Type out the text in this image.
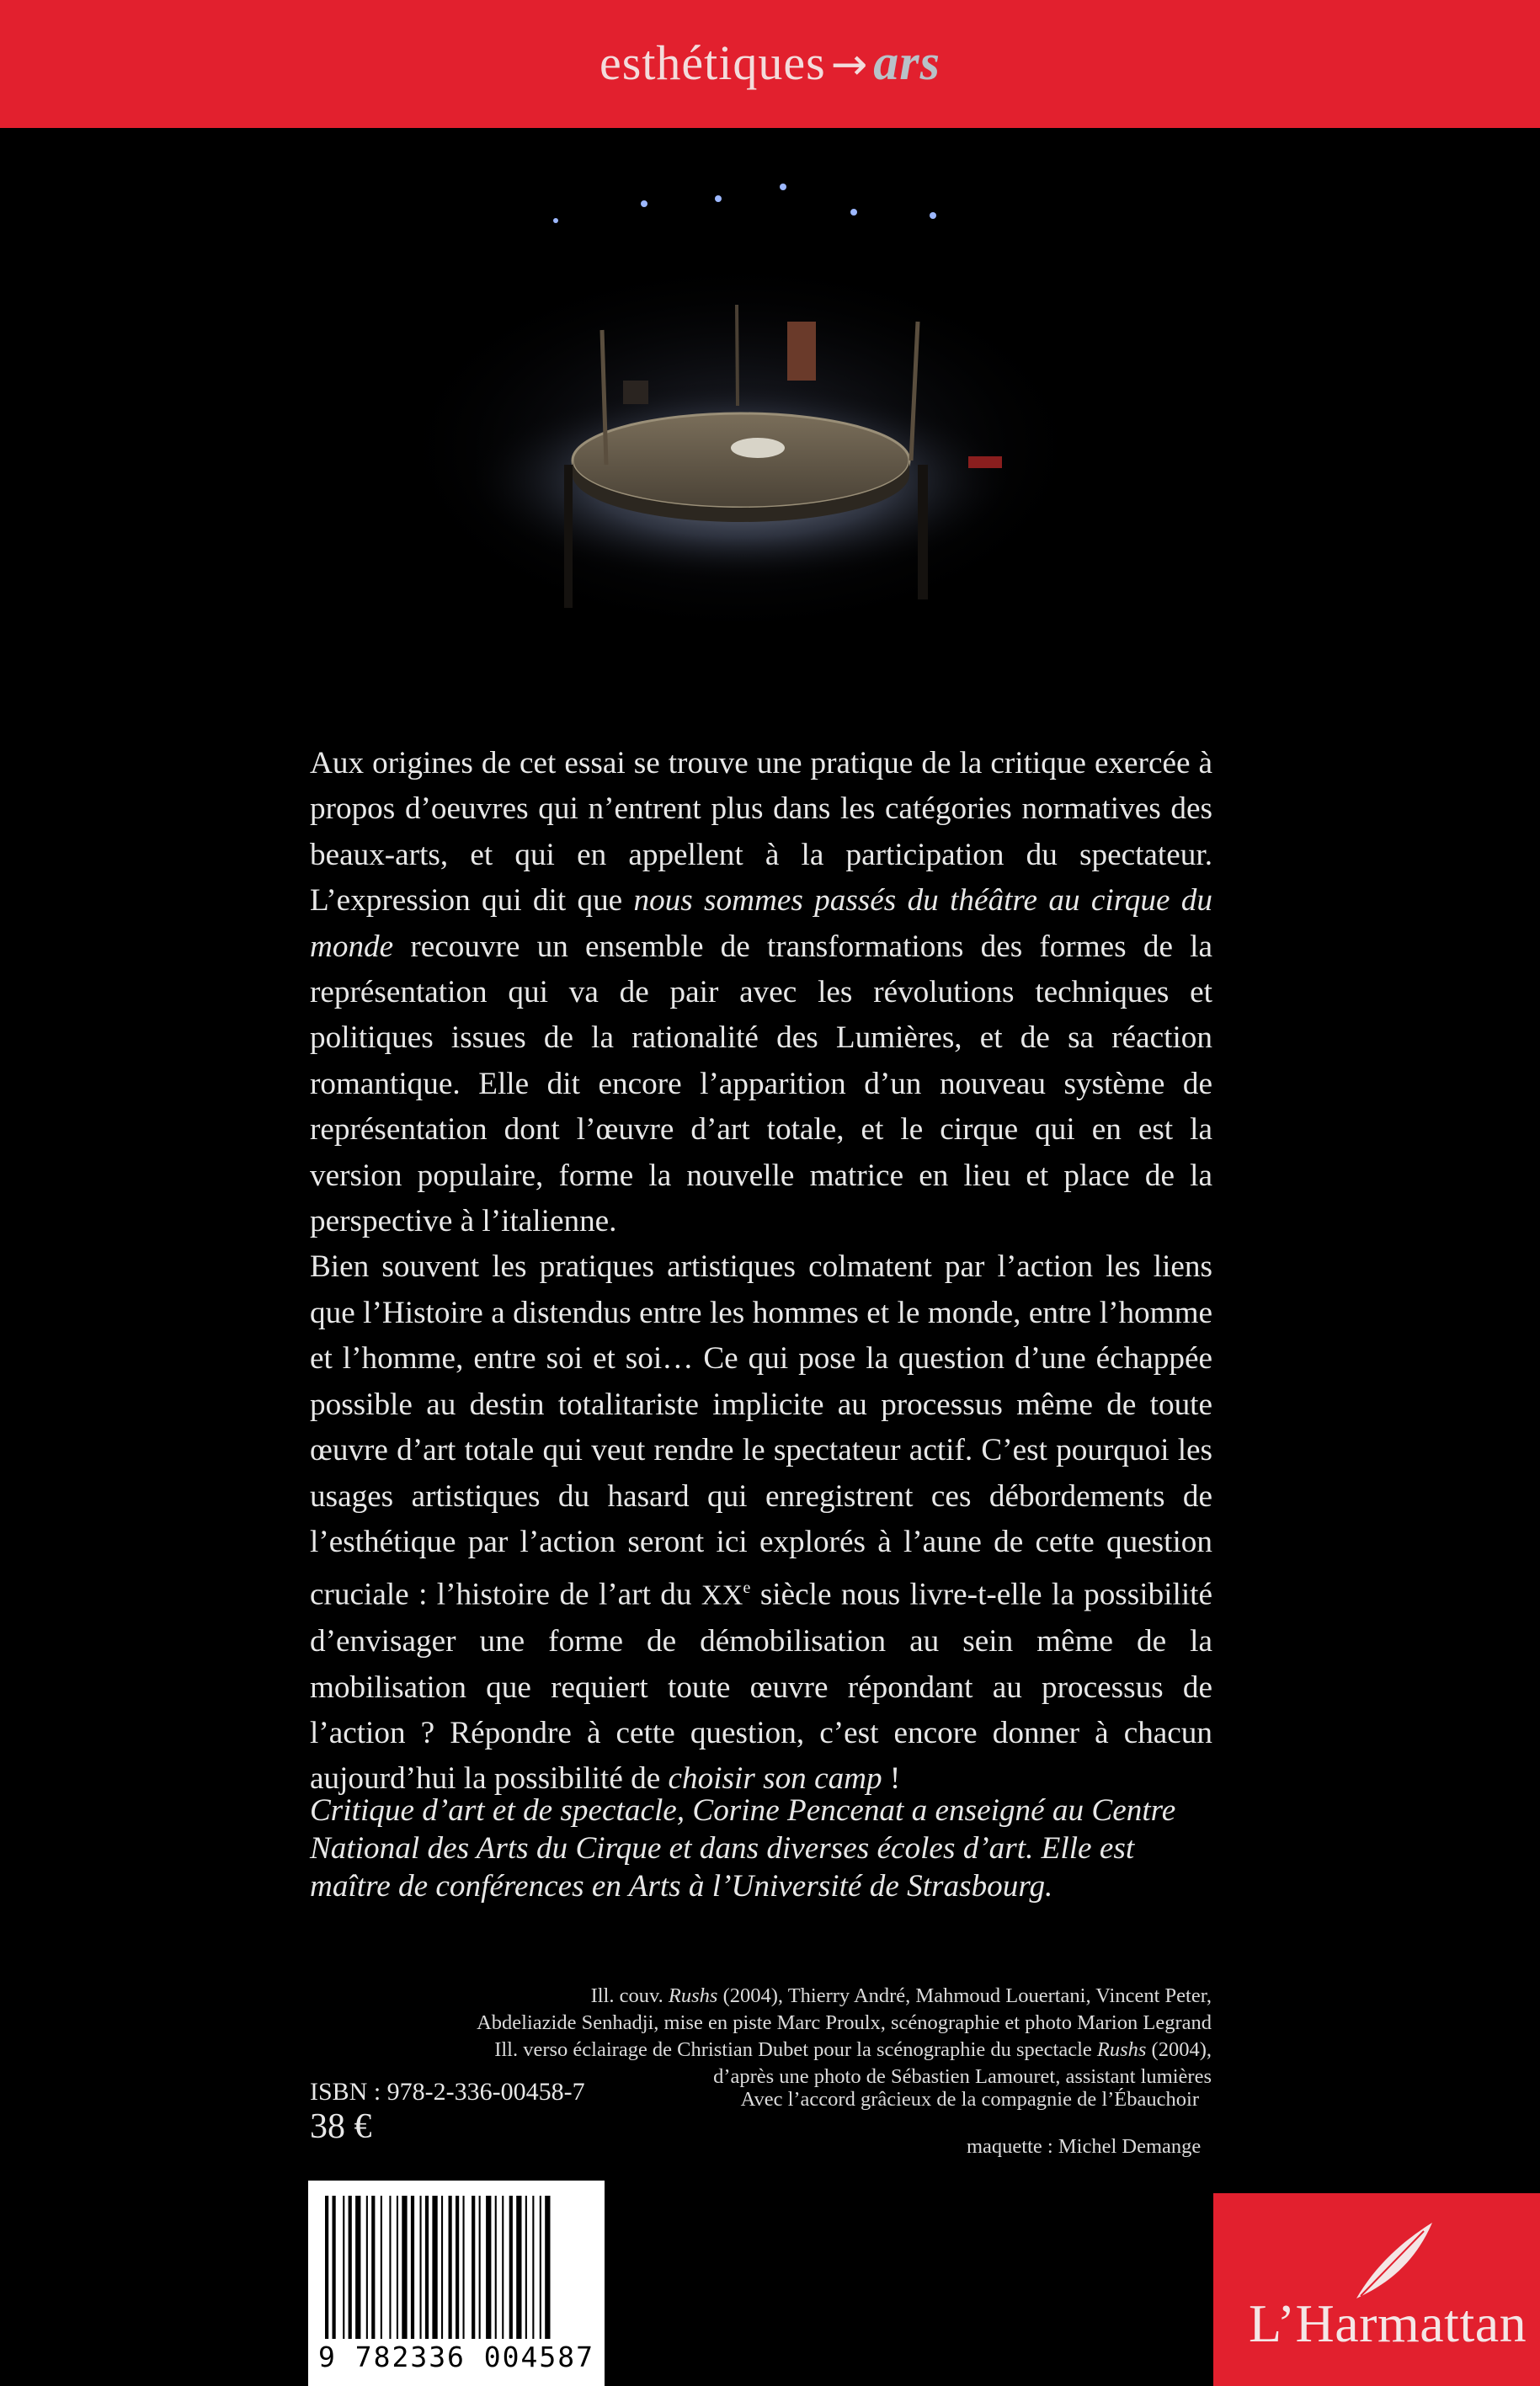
esthétiques → ars

Aux origines de cet essai se trouve une pratique de la critique exercée à propos d’oeuvres qui n’entrent plus dans les catégories normatives des beaux-arts, et qui en appellent à la participation du spectateur. L’expression qui dit que nous sommes passés du théâtre au cirque du monde recouvre un ensemble de transformations des formes de la représentation qui va de pair avec les révolutions techniques et politiques issues de la rationalité des Lumières, et de sa réaction romantique. Elle dit encore l’apparition d’un nouveau système de représentation dont l’œuvre d’art totale, et le cirque qui en est la version populaire, forme la nouvelle matrice en lieu et place de la perspective à l’italienne.

Bien souvent les pratiques artistiques colmatent par l’action les liens que l’Histoire a distendus entre les hommes et le monde, entre l’homme et l’homme, entre soi et soi… Ce qui pose la question d’une échappée possible au destin totalitariste implicite au processus même de toute œuvre d’art totale qui veut rendre le spectateur actif. C’est pourquoi les usages artistiques du hasard qui enregistrent ces débordements de l’esthétique par l’action seront ici explorés à l’aune de cette question cruciale : l’histoire de l’art du XXe siècle nous livre-t-elle la possibilité d’envisager une forme de démobilisation au sein même de la mobilisation que requiert toute œuvre répondant au processus de l’action ? Répondre à cette question, c’est encore donner à chacun aujourd’hui la possibilité de choisir son camp !

Critique d’art et de spectacle, Corine Pencenat a enseigné au Centre National des Arts du Cirque et dans diverses écoles d’art. Elle est maître de conférences en Arts à l’Université de Strasbourg.
Ill. couv. Rushs (2004), Thierry André, Mahmoud Louertani, Vincent Peter,
Abdeliazide Senhadji, mise en piste Marc Proulx, scénographie et photo Marion Legrand
Ill. verso éclairage de Christian Dubet pour la scénographie du spectacle Rushs (2004),
d’après une photo de Sébastien Lamouret, assistant lumières
ISBN : 978-2-336-00458-7
38 €
Avec l’accord grâcieux de la compagnie de l’Ébauchoir
maquette : Michel Demange
9 782336 004587
L’Harmattan
